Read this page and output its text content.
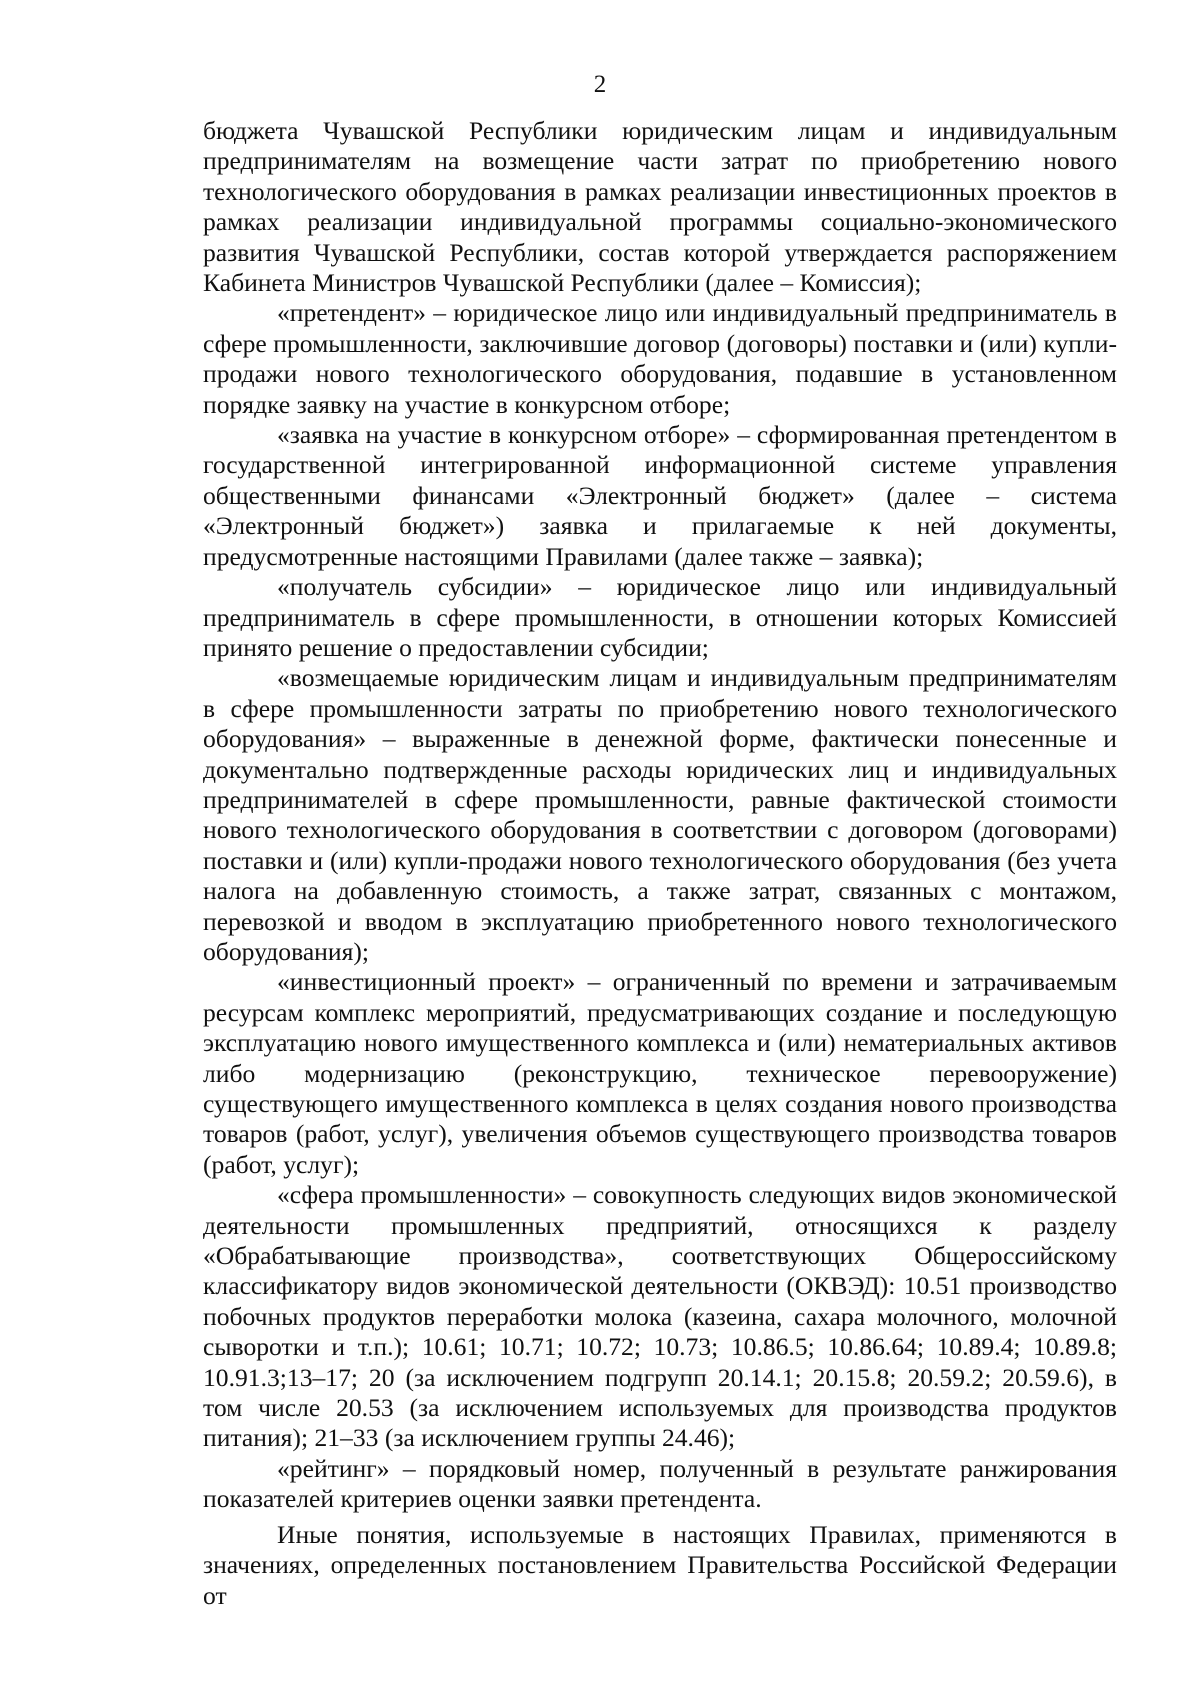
2

бюджета Чувашской Республики юридическим лицам и индивидуальным предпринимателям на возмещение части затрат по приобретению нового технологического оборудования в рамках реализации инвестиционных проектов в рамках реализации индивидуальной программы социально-экономического развития Чувашской Республики, состав которой утверждается распоряжением Кабинета Министров Чувашской Республики (далее – Комиссия);

«претендент» – юридическое лицо или индивидуальный предприниматель в сфере промышленности, заключившие договор (договоры) поставки и (или) купли-продажи нового технологического оборудования, подавшие в установленном порядке заявку на участие в конкурсном отборе;

«заявка на участие в конкурсном отборе» – сформированная претендентом в государственной интегрированной информационной системе управления общественными финансами «Электронный бюджет» (далее – система «Электронный бюджет») заявка и прилагаемые к ней документы, предусмотренные настоящими Правилами (далее также – заявка);

«получатель субсидии» – юридическое лицо или индивидуальный предприниматель в сфере промышленности, в отношении которых Комиссией принято решение о предоставлении субсидии;

«возмещаемые юридическим лицам и индивидуальным предпринимателям в сфере промышленности затраты по приобретению нового технологического оборудования» – выраженные в денежной форме, фактически понесенные и документально подтвержденные расходы юридических лиц и индивидуальных предпринимателей в сфере промышленности, равные фактической стоимости нового технологического оборудования в соответствии с договором (договорами) поставки и (или) купли-продажи нового технологического оборудования (без учета налога на добавленную стоимость, а также затрат, связанных с монтажом, перевозкой и вводом в эксплуатацию приобретенного нового технологического оборудования);

«инвестиционный проект» – ограниченный по времени и затрачиваемым ресурсам комплекс мероприятий, предусматривающих создание и последующую эксплуатацию нового имущественного комплекса и (или) нематериальных активов либо модернизацию (реконструкцию, техническое перевооружение) существующего имущественного комплекса в целях создания нового производства товаров (работ, услуг), увеличения объемов существующего производства товаров (работ, услуг);

«сфера промышленности» – совокупность следующих видов экономической деятельности промышленных предприятий, относящихся к разделу «Обрабатывающие производства», соответствующих Общероссийскому классификатору видов экономической деятельности (ОКВЭД): 10.51 производство побочных продуктов переработки молока (казеина, сахара молочного, молочной сыворотки и т.п.); 10.61; 10.71; 10.72; 10.73; 10.86.5; 10.86.64; 10.89.4; 10.89.8; 10.91.3;13–17; 20 (за исключением подгрупп 20.14.1; 20.15.8; 20.59.2; 20.59.6), в том числе 20.53 (за исключением используемых для производства продуктов питания); 21–33 (за исключением группы 24.46);

«рейтинг» – порядковый номер, полученный в результате ранжирования показателей критериев оценки заявки претендента.

Иные понятия, используемые в настоящих Правилах, применяются в значениях, определенных постановлением Правительства Российской Федерации от
